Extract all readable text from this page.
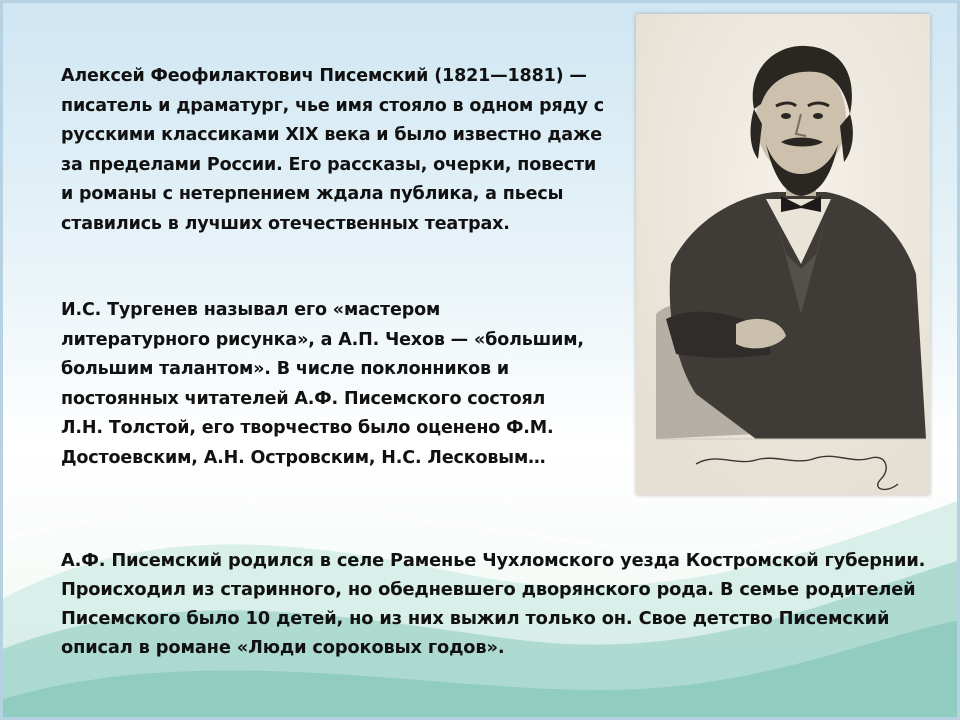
Алексей Феофилактович Писемский (1821—1881) — писатель и драматург, чье имя стояло в одном ряду с русскими классиками XIX века и было известно даже за пределами России. Его рассказы, очерки, повести и романы с нетерпением ждала публика, а пьесы ставились в лучших отечественных театрах.

И.С. Тургенев называл его «мастером литературного рисунка», а А.П. Чехов — «большим, большим талантом». В числе поклонников и постоянных читателей А.Ф. Писемского состоял Л.Н. Толстой, его творчество было оценено Ф.М. Достоевским, А.Н. Островским, Н.С. Лесковым…

А.Ф. Писемский родился в селе Раменье Чухломского уезда Костромской губернии. Происходил из старинного, но обедневшего дворянского рода. В семье родителей Писемского было 10 детей, но из них выжил только он. Свое детство Писемский описал в романе «Люди сороковых годов».
